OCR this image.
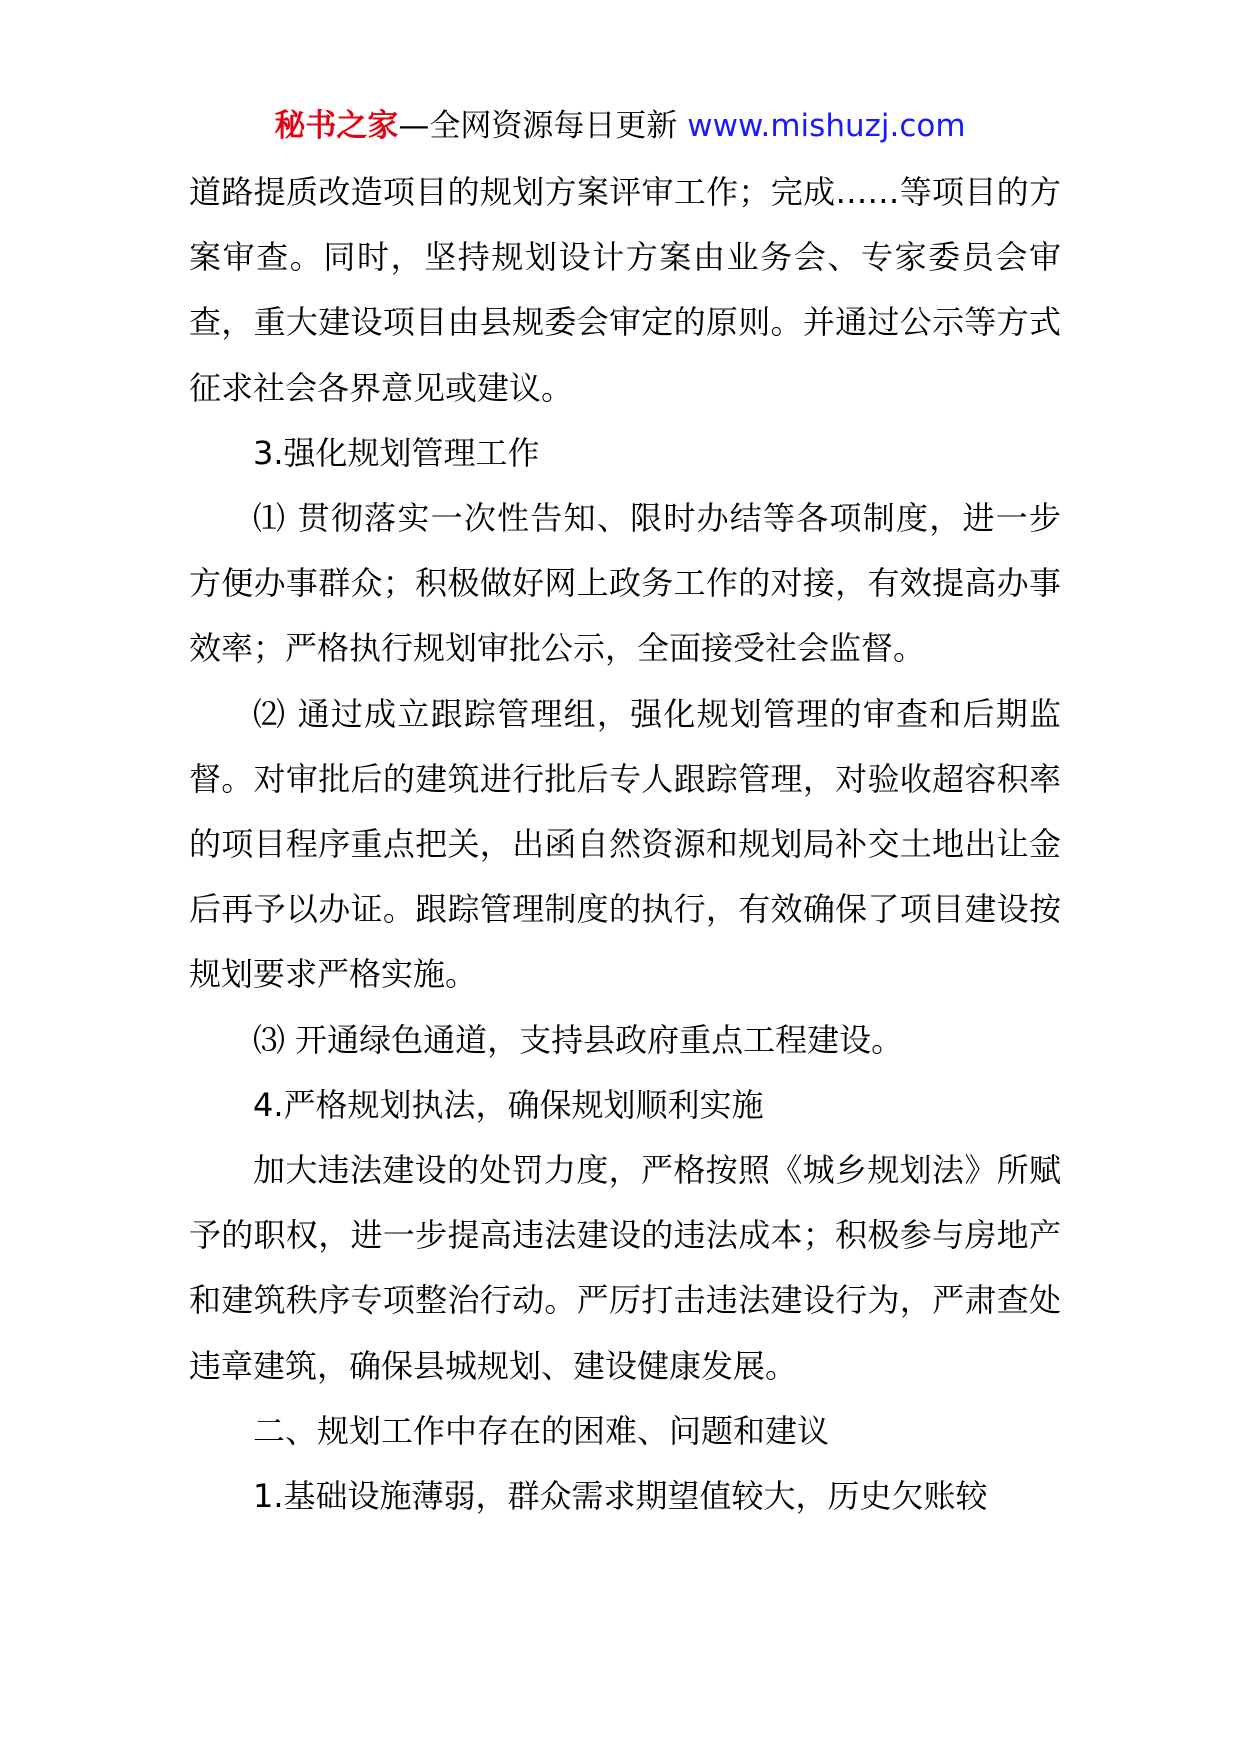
秘书之家—全网资源每日更新 www.mishuzj.com

道路提质改造项目的规划方案评审工作；完成……等项目的方案审查。同时，坚持规划设计方案由业务会、专家委员会审查，重大建设项目由县规委会审定的原则。并通过公示等方式征求社会各界意见或建议。

3.强化规划管理工作

⑴ 贯彻落实一次性告知、限时办结等各项制度，进一步方便办事群众；积极做好网上政务工作的对接，有效提高办事效率；严格执行规划审批公示，全面接受社会监督。

⑵ 通过成立跟踪管理组，强化规划管理的审查和后期监督。对审批后的建筑进行批后专人跟踪管理，对验收超容积率的项目程序重点把关，出函自然资源和规划局补交土地出让金后再予以办证。跟踪管理制度的执行，有效确保了项目建设按规划要求严格实施。

⑶ 开通绿色通道，支持县政府重点工程建设。

4.严格规划执法，确保规划顺利实施

加大违法建设的处罚力度，严格按照《城乡规划法》所赋予的职权，进一步提高违法建设的违法成本；积极参与房地产和建筑秩序专项整治行动。严厉打击违法建设行为，严肃查处违章建筑，确保县城规划、建设健康发展。

二、规划工作中存在的困难、问题和建议

1.基础设施薄弱，群众需求期望值较大，历史欠账较
